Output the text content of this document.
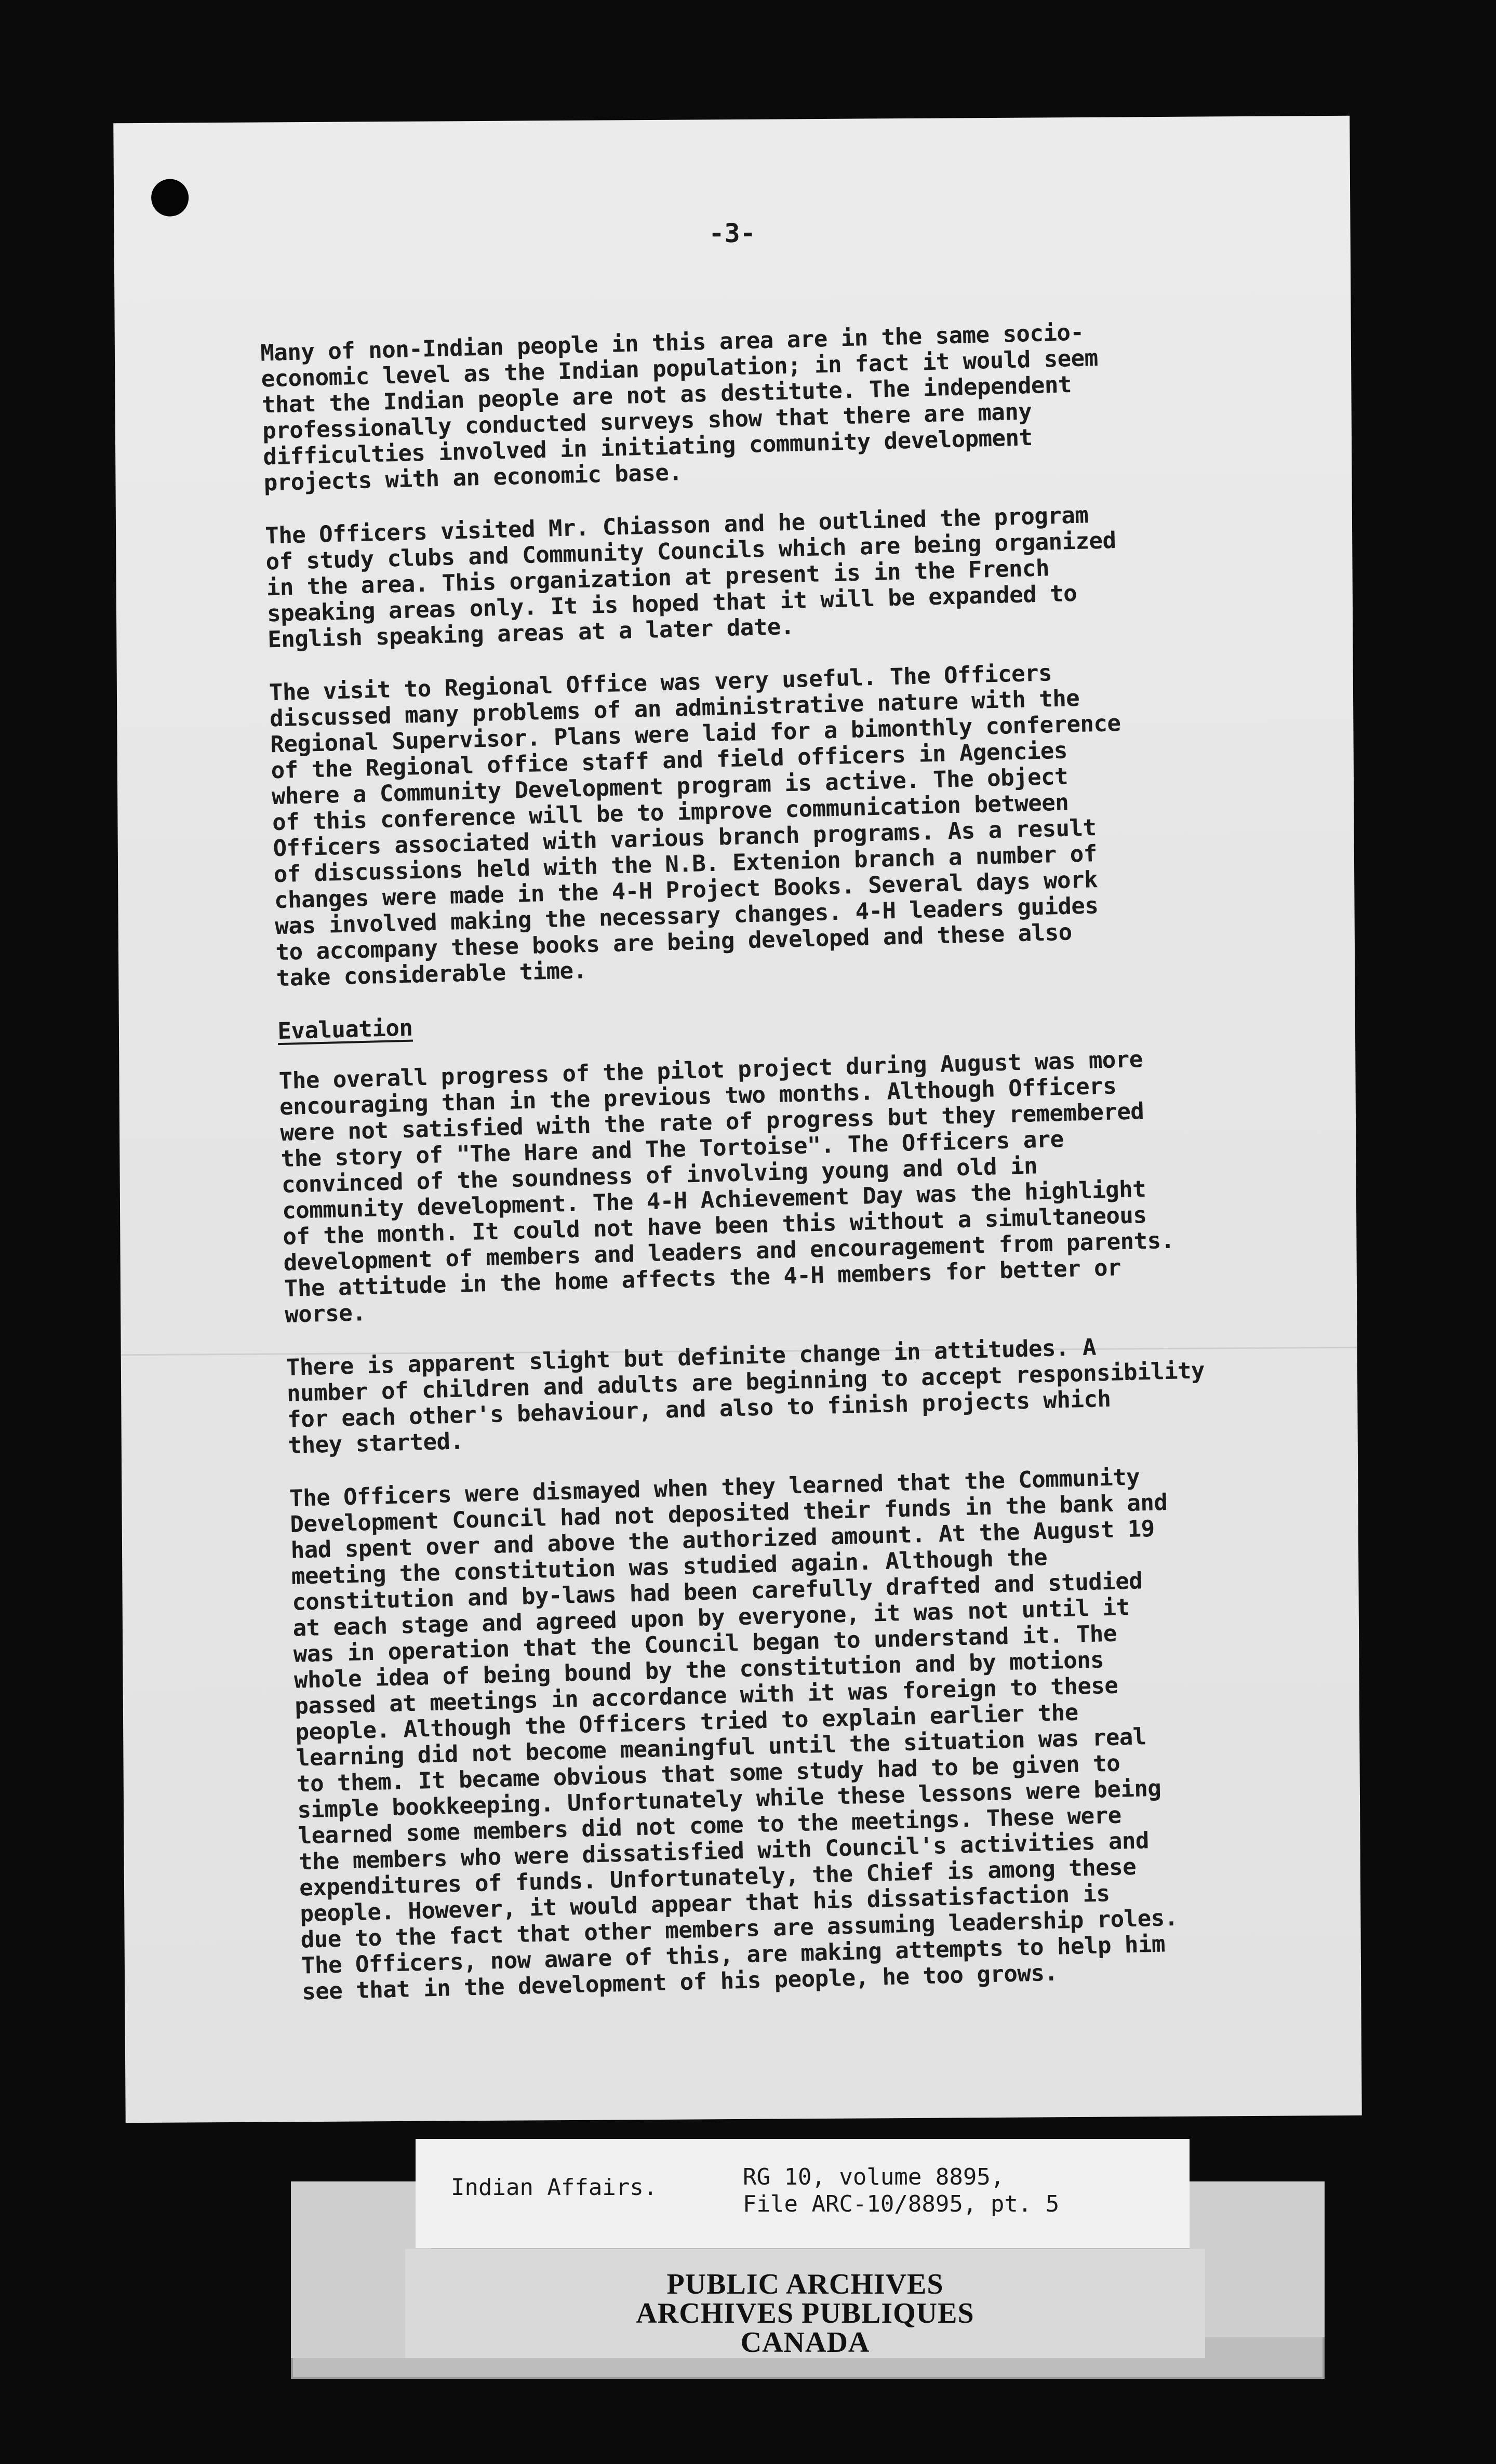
-3-

Many of non-Indian people in this area are in the same socio-
economic level as the Indian population; in fact it would seem
that the Indian people are not as destitute. The independent
professionally conducted surveys show that there are many
difficulties involved in initiating community development
projects with an economic base.

The Officers visited Mr. Chiasson and he outlined the program
of study clubs and Community Councils which are being organized
in the area. This organization at present is in the French
speaking areas only. It is hoped that it will be expanded to
English speaking areas at a later date.

The visit to Regional Office was very useful. The Officers
discussed many problems of an administrative nature with the
Regional Supervisor. Plans were laid for a bimonthly conference
of the Regional office staff and field officers in Agencies
where a Community Development program is active. The object
of this conference will be to improve communication between
Officers associated with various branch programs. As a result
of discussions held with the N.B. Extenion branch a number of
changes were made in the 4-H Project Books. Several days work
was involved making the necessary changes. 4-H leaders guides
to accompany these books are being developed and these also
take considerable time.

Evaluation

The overall progress of the pilot project during August was more
encouraging than in the previous two months. Although Officers
were not satisfied with the rate of progress but they remembered
the story of "The Hare and The Tortoise". The Officers are
convinced of the soundness of involving young and old in
community development. The 4-H Achievement Day was the highlight
of the month. It could not have been this without a simultaneous
development of members and leaders and encouragement from parents.
The attitude in the home affects the 4-H members for better or
worse.

There is apparent slight but definite change in attitudes. A
number of children and adults are beginning to accept responsibility
for each other's behaviour, and also to finish projects which
they started.

The Officers were dismayed when they learned that the Community
Development Council had not deposited their funds in the bank and
had spent over and above the authorized amount. At the August 19
meeting the constitution was studied again. Although the
constitution and by-laws had been carefully drafted and studied
at each stage and agreed upon by everyone, it was not until it
was in operation that the Council began to understand it. The
whole idea of being bound by the constitution and by motions
passed at meetings in accordance with it was foreign to these
people. Although the Officers tried to explain earlier the
learning did not become meaningful until the situation was real
to them. It became obvious that some study had to be given to
simple bookkeeping. Unfortunately while these lessons were being
learned some members did not come to the meetings. These were
the members who were dissatisfied with Council's activities and
expenditures of funds. Unfortunately, the Chief is among these
people. However, it would appear that his dissatisfaction is
due to the fact that other members are assuming leadership roles.
The Officers, now aware of this, are making attempts to help him
see that in the development of his people, he too grows.

PUBLIC ARCHIVES
ARCHIVES PUBLIQUES
CANADA
Indian Affairs.	RG 10, volume 8895,
File ARC-10/8895, pt. 5
